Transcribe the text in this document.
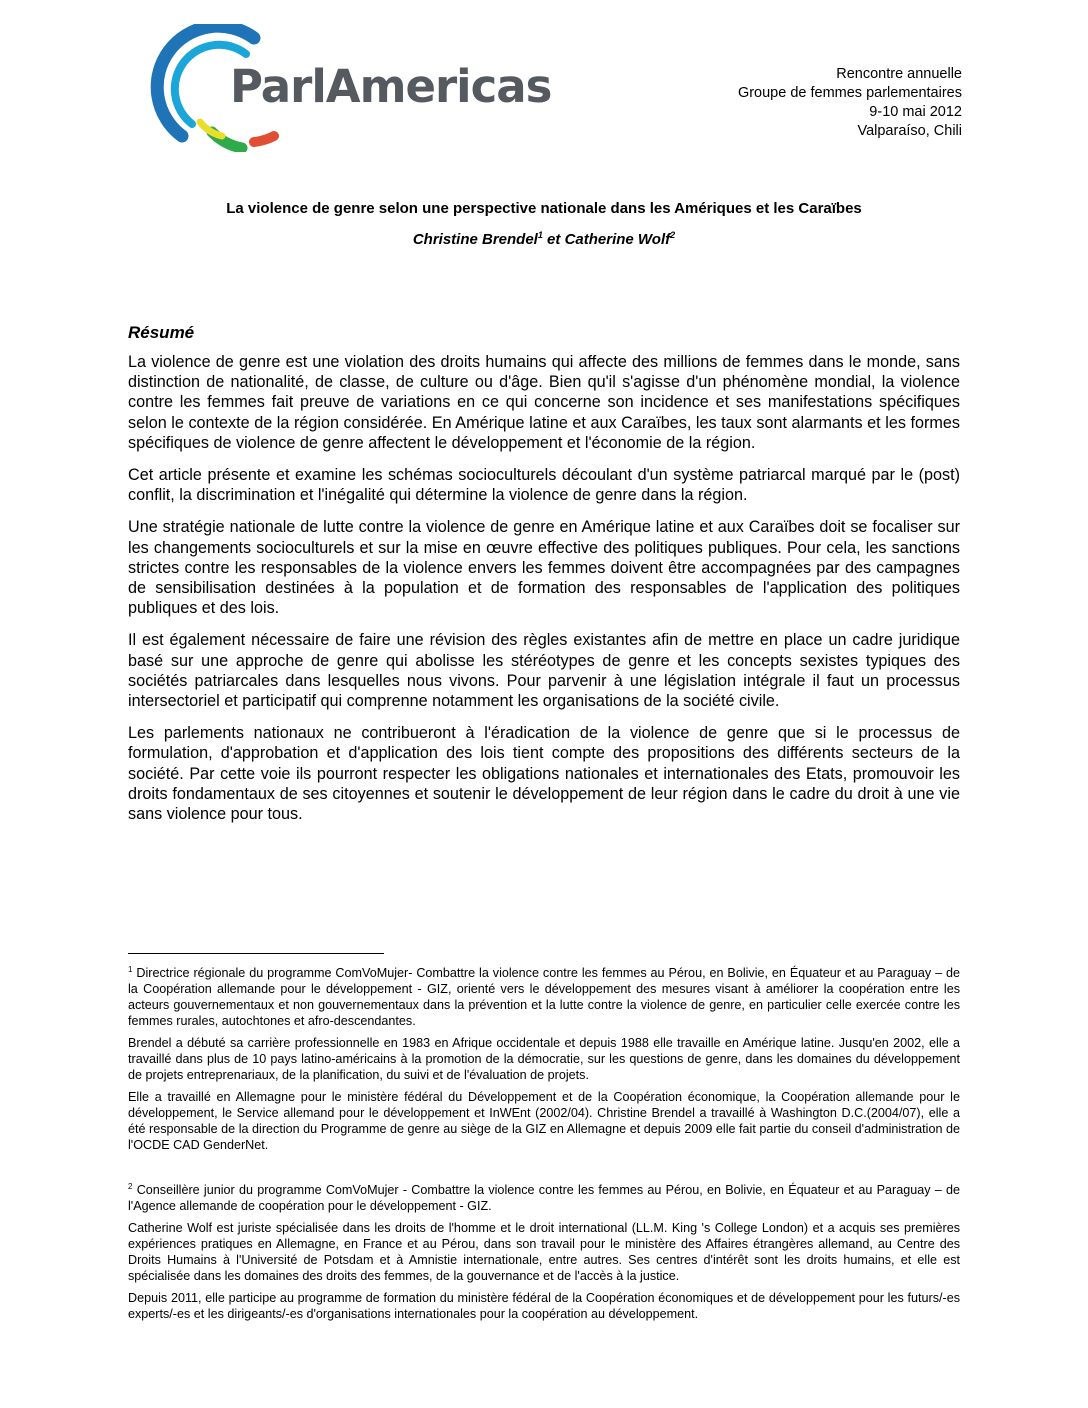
ParlAmericas	Rencontre annuelle
Groupe de femmes parlementaires
9-10 mai 2012
Valparaíso, Chili
La violence de genre selon une perspective nationale dans les Amériques et les Caraïbes
Christine Brendel$^1$ et Catherine Wolf$^2$
Résumé

La violence de genre est une violation des droits humains qui affecte des millions de femmes dans le monde, sans distinction de nationalité, de classe, de culture ou d'âge. Bien qu'il s'agisse d'un phénomène mondial, la violence contre les femmes fait preuve de variations en ce qui concerne son incidence et ses manifestations spécifiques selon le contexte de la région considérée. En Amérique latine et aux Caraïbes, les taux sont alarmants et les formes spécifiques de violence de genre affectent le développement et l'économie de la région.

Cet article présente et examine les schémas socioculturels découlant d'un système patriarcal marqué par le (post) conflit, la discrimination et l'inégalité qui détermine la violence de genre dans la région.

Une stratégie nationale de lutte contre la violence de genre en Amérique latine et aux Caraïbes doit se focaliser sur les changements socioculturels et sur la mise en œuvre effective des politiques publiques. Pour cela, les sanctions strictes contre les responsables de la violence envers les femmes doivent être accompagnées par des campagnes de sensibilisation destinées à la population et de formation des responsables de l'application des politiques publiques et des lois.

Il est également nécessaire de faire une révision des règles existantes afin de mettre en place un cadre juridique basé sur une approche de genre qui abolisse les stéréotypes de genre et les concepts sexistes typiques des sociétés patriarcales dans lesquelles nous vivons. Pour parvenir à une législation intégrale il faut un processus intersectoriel et participatif qui comprenne notamment les organisations de la société civile.

Les parlements nationaux ne contribueront à l'éradication de la violence de genre que si le processus de formulation, d'approbation et d'application des lois tient compte des propositions des différents secteurs de la société. Par cette voie ils pourront respecter les obligations nationales et internationales des Etats, promouvoir les droits fondamentaux de ses citoyennes et soutenir le développement de leur région dans le cadre du droit à une vie sans violence pour tous.

$^1$ Directrice régionale du programme ComVoMujer- Combattre la violence contre les femmes au Pérou, en Bolivie, en Équateur et au Paraguay – de la Coopération allemande pour le développement - GIZ, orienté vers le développement des mesures visant à améliorer la coopération entre les acteurs gouvernementaux et non gouvernementaux dans la prévention et la lutte contre la violence de genre, en particulier celle exercée contre les femmes rurales, autochtones et afro-descendantes.

Brendel a débuté sa carrière professionnelle en 1983 en Afrique occidentale et depuis 1988 elle travaille en Amérique latine. Jusqu'en 2002, elle a travaillé dans plus de 10 pays latino-américains à la promotion de la démocratie, sur les questions de genre, dans les domaines du développement de projets entreprenariaux, de la planification, du suivi et de l'évaluation de projets.

Elle a travaillé en Allemagne pour le ministère fédéral du Développement et de la Coopération économique, la Coopération allemande pour le développement, le Service allemand pour le développement et InWEnt (2002/04). Christine Brendel a travaillé à Washington D.C.(2004/07), elle a été responsable de la direction du Programme de genre au siège de la GIZ en Allemagne et depuis 2009 elle fait partie du conseil d'administration de l'OCDE CAD GenderNet.

$^2$ Conseillère junior du programme ComVoMujer - Combattre la violence contre les femmes au Pérou, en Bolivie, en Équateur et au Paraguay – de l'Agence allemande de coopération pour le développement - GIZ.

Catherine Wolf est juriste spécialisée dans les droits de l'homme et le droit international (LL.M. King 's College London) et a acquis ses premières expériences pratiques en Allemagne, en France et au Pérou, dans son travail pour le ministère des Affaires étrangères allemand, au Centre des Droits Humains à l'Université de Potsdam et à Amnistie internationale, entre autres. Ses centres d'intérêt sont les droits humains, et elle est spécialisée dans les domaines des droits des femmes, de la gouvernance et de l'accès à la justice.

Depuis 2011, elle participe au programme de formation du ministère fédéral de la Coopération économiques et de développement pour les futurs/-es experts/-es et les dirigeants/-es d'organisations internationales pour la coopération au développement.
